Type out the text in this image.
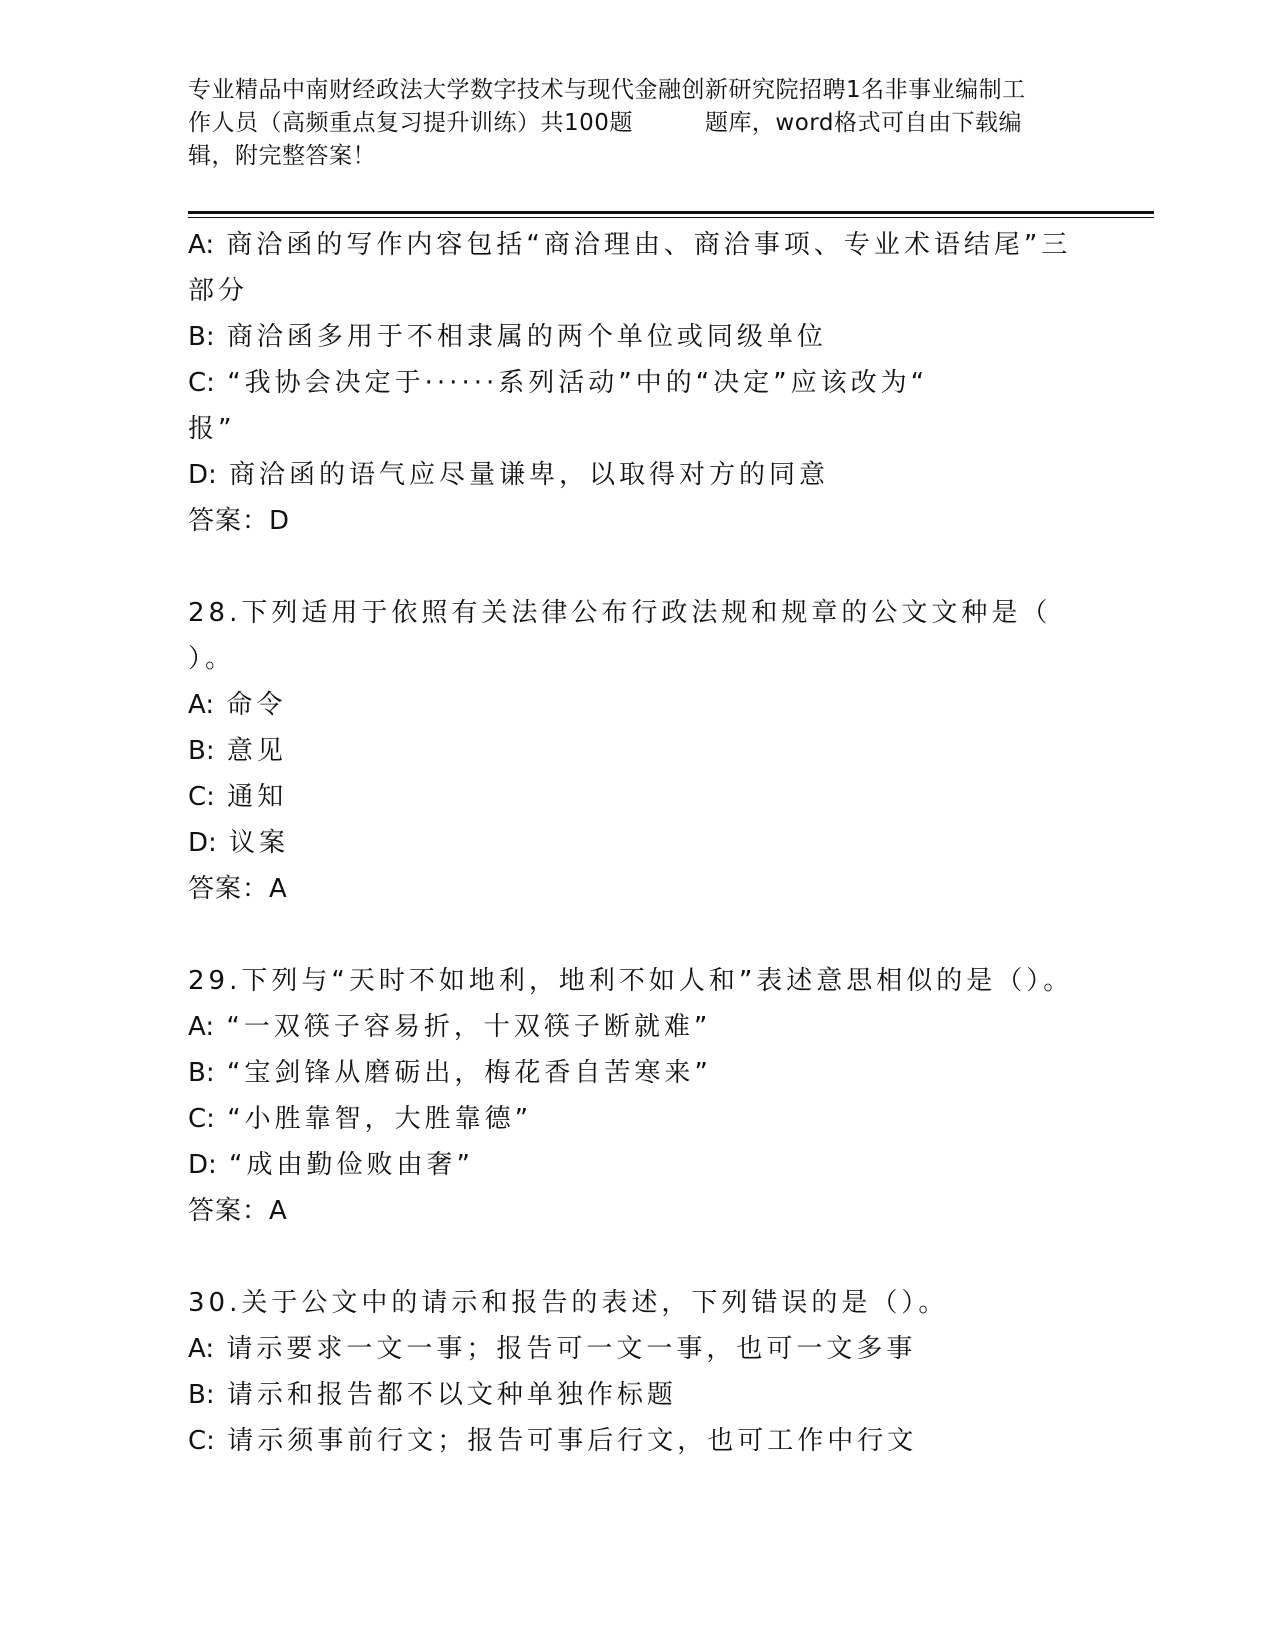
专业精品中南财经政法大学数字技术与现代金融创新研究院招聘1名非事业编制工
作人员（高频重点复习提升训练）共100题	题库，word格式可自由下载编
辑，附完整答案！
A: 商洽函的写作内容包括“商洽理由、商洽事项、专业术语结尾”三
部分
B: 商洽函多用于不相隶属的两个单位或同级单位
C: “我协会决定于······系列活动”中的“决定”应该改为“
报”
D: 商洽函的语气应尽量谦卑，以取得对方的同意
答案：D
28.下列适用于依照有关法律公布行政法规和规章的公文文种是（
）。
A: 命令
B: 意见
C: 通知
D: 议案
答案：A
29.下列与“天时不如地利，地利不如人和”表述意思相似的是（）。
A: “一双筷子容易折，十双筷子断就难”
B: “宝剑锋从磨砺出，梅花香自苦寒来”
C: “小胜靠智，大胜靠德”
D: “成由勤俭败由奢”
答案：A
30.关于公文中的请示和报告的表述，下列错误的是（）。
A: 请示要求一文一事；报告可一文一事，也可一文多事
B: 请示和报告都不以文种单独作标题
C: 请示须事前行文；报告可事后行文，也可工作中行文
